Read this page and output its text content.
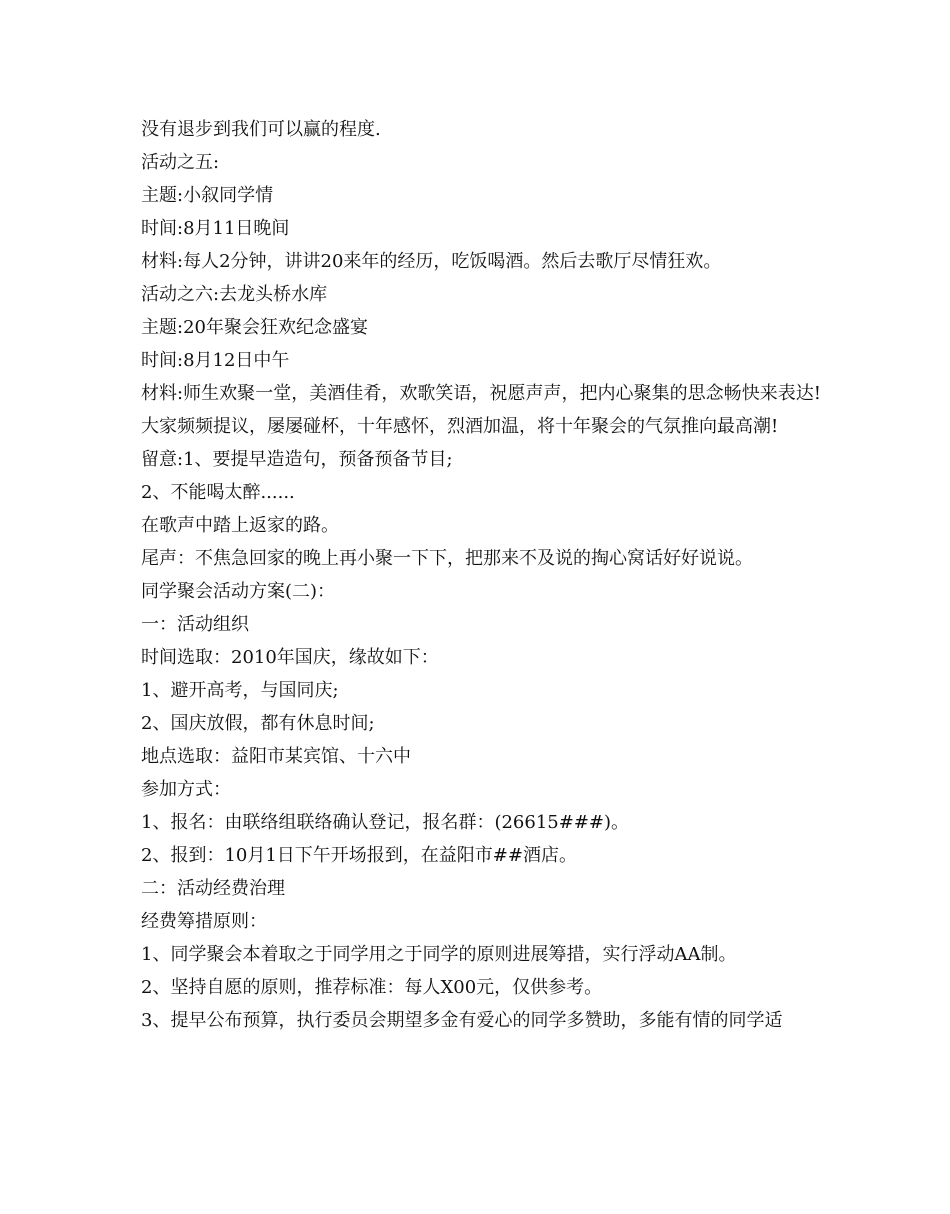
没有退步到我们可以赢的程度.
活动之五:
主题:小叙同学情
时间:8月11日晚间
材料:每人2分钟，讲讲20来年的经历，吃饭喝酒。然后去歌厅尽情狂欢。
活动之六:去龙头桥水库
主题:20年聚会狂欢纪念盛宴
时间:8月12日中午
材料:师生欢聚一堂，美酒佳肴，欢歌笑语，祝愿声声，把内心聚集的思念畅快来表达!大家频频提议，屡屡碰杯，十年感怀，烈酒加温，将十年聚会的气氛推向最高潮!
留意:1、要提早造造句，预备预备节目;
2、不能喝太醉......
在歌声中踏上返家的路。
尾声：不焦急回家的晚上再小聚一下下，把那来不及说的掏心窝话好好说说。
同学聚会活动方案(二)：
一：活动组织
时间选取：2010年国庆，缘故如下：
1、避开高考，与国同庆;
2、国庆放假，都有休息时间;
地点选取：益阳市某宾馆、十六中
参加方式：
1、报名：由联络组联络确认登记，报名群：(26615###)。
2、报到：10月1日下午开场报到，在益阳市##酒店。
二：活动经费治理
经费筹措原则：
1、同学聚会本着取之于同学用之于同学的原则进展筹措，实行浮动AA制。
2、坚持自愿的原则，推荐标准：每人X00元，仅供参考。
3、提早公布预算，执行委员会期望多金有爱心的同学多赞助，多能有情的同学适
